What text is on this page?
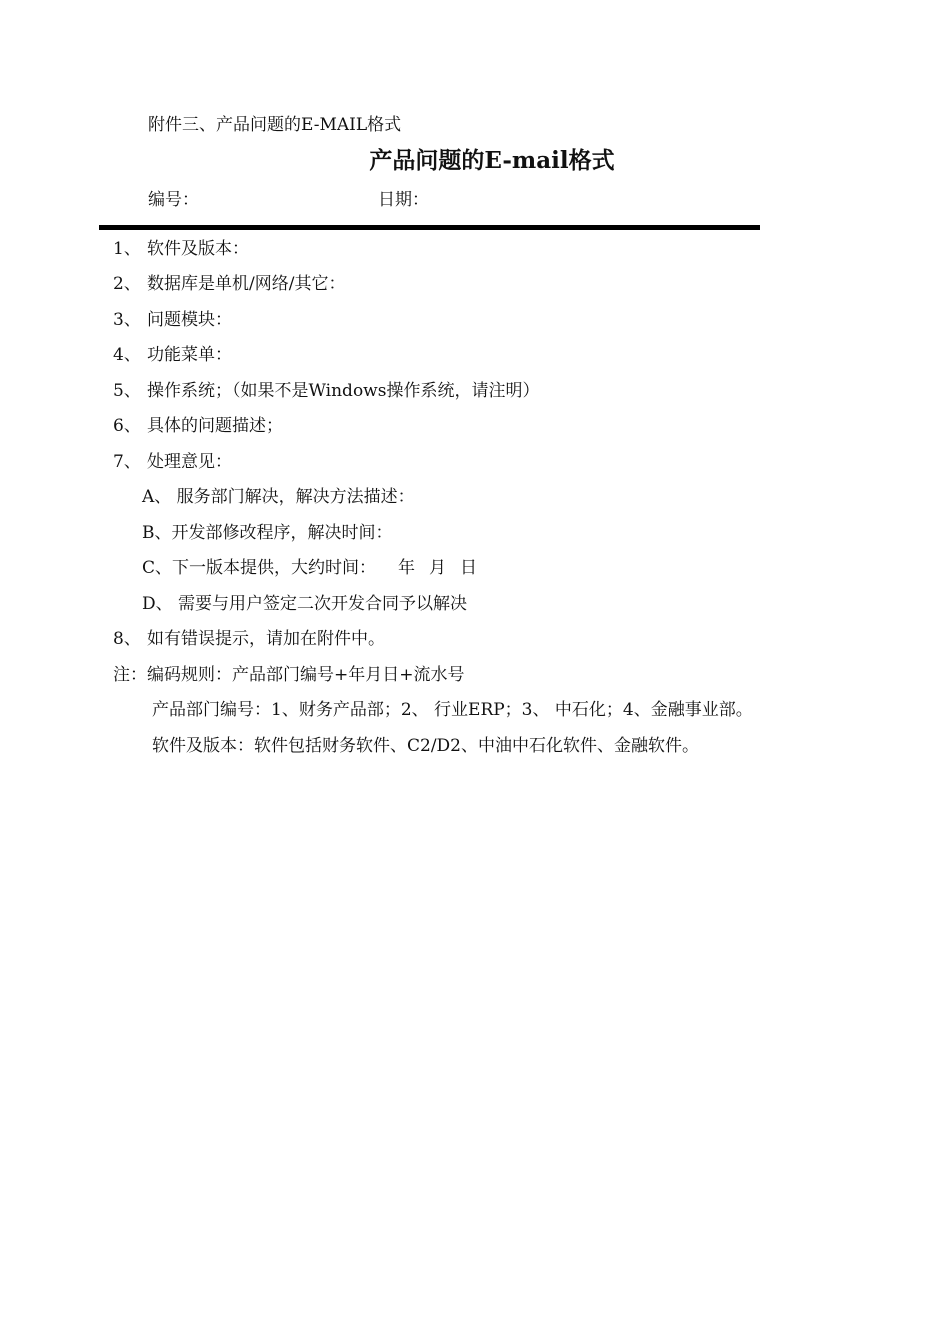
附件三、产品问题的E-MAIL格式
产品问题的E-mail格式
编号：	日期：
1、 软件及版本：
2、 数据库是单机/网络/其它：
3、 问题模块：
4、 功能菜单：
5、 操作系统；（如果不是Windows操作系统，请注明）
6、 具体的问题描述；
7、 处理意见：
A、 服务部门解决，解决方法描述：
B、开发部修改程序，解决时间：
C、下一版本提供，大约时间： 年 月 日
D、 需要与用户签定二次开发合同予以解决
8、 如有错误提示，请加在附件中。
注：编码规则：产品部门编号+年月日+流水号
产品部门编号：1、财务产品部；2、 行业ERP；3、 中石化；4、金融事业部。
软件及版本：软件包括财务软件、C2/D2、中油中石化软件、金融软件。
